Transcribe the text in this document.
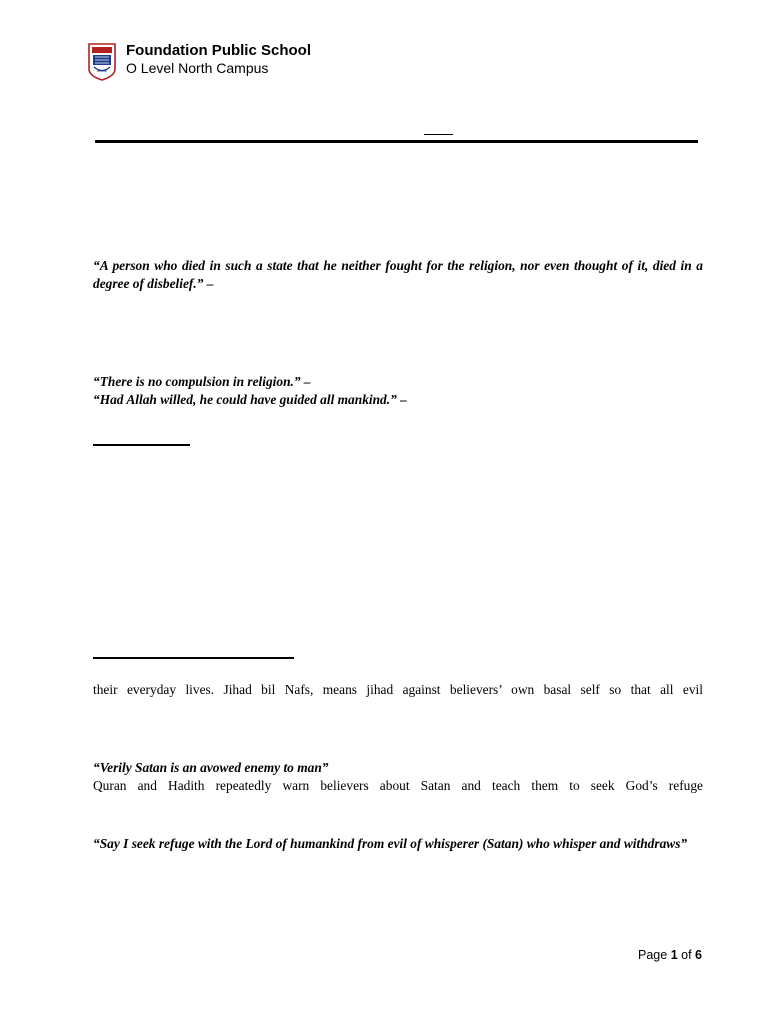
Foundation Public School
O Level North Campus
“A person who died in such a state that he neither fought for the religion, nor even thought of it, died in a degree of disbelief.” –
“There is no compulsion in religion.” –
“Had Allah willed, he could have guided all mankind.” –
their everyday lives. Jihad bil Nafs, means jihad against believers’ own basal self so that all evil
“Verily Satan is an avowed enemy to man”
Quran and Hadith repeatedly warn believers about Satan and teach them to seek God’s refuge
“Say I seek refuge with the Lord of humankind from evil of whisperer (Satan) who whisper and withdraws”
Page 1 of 6
